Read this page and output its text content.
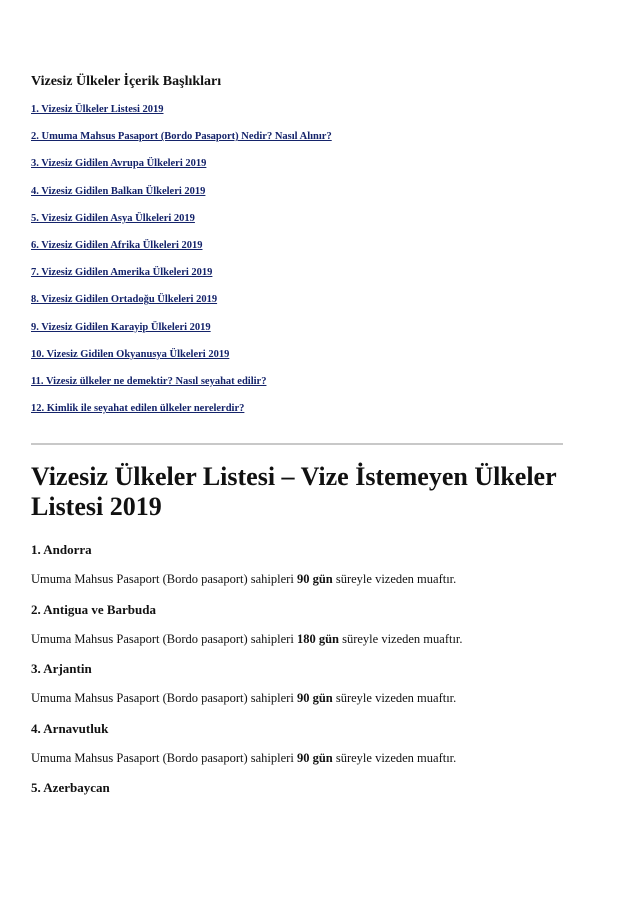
Vizesiz Ülkeler İçerik Başlıkları
1. Vizesiz Ülkeler Listesi 2019
2. Umuma Mahsus Pasaport (Bordo Pasaport) Nedir? Nasıl Alınır?
3. Vizesiz Gidilen Avrupa Ülkeleri 2019
4. Vizesiz Gidilen Balkan Ülkeleri 2019
5. Vizesiz Gidilen Asya Ülkeleri 2019
6. Vizesiz Gidilen Afrika Ülkeleri 2019
7. Vizesiz Gidilen Amerika Ülkeleri 2019
8. Vizesiz Gidilen Ortadoğu Ülkeleri 2019
9. Vizesiz Gidilen Karayip Ülkeleri 2019
10. Vizesiz Gidilen Okyanusya Ülkeleri 2019
11. Vizesiz ülkeler ne demektir? Nasıl seyahat edilir?
12. Kimlik ile seyahat edilen ülkeler nerelerdir?
Vizesiz Ülkeler Listesi – Vize İstemeyen Ülkeler Listesi 2019
1. Andorra
Umuma Mahsus Pasaport (Bordo pasaport) sahipleri 90 gün süreyle vizeden muaftır.
2. Antigua ve Barbuda
Umuma Mahsus Pasaport (Bordo pasaport) sahipleri 180 gün süreyle vizeden muaftır.
3. Arjantin
Umuma Mahsus Pasaport (Bordo pasaport) sahipleri 90 gün süreyle vizeden muaftır.
4. Arnavutluk
Umuma Mahsus Pasaport (Bordo pasaport) sahipleri 90 gün süreyle vizeden muaftır.
5. Azerbaycan
